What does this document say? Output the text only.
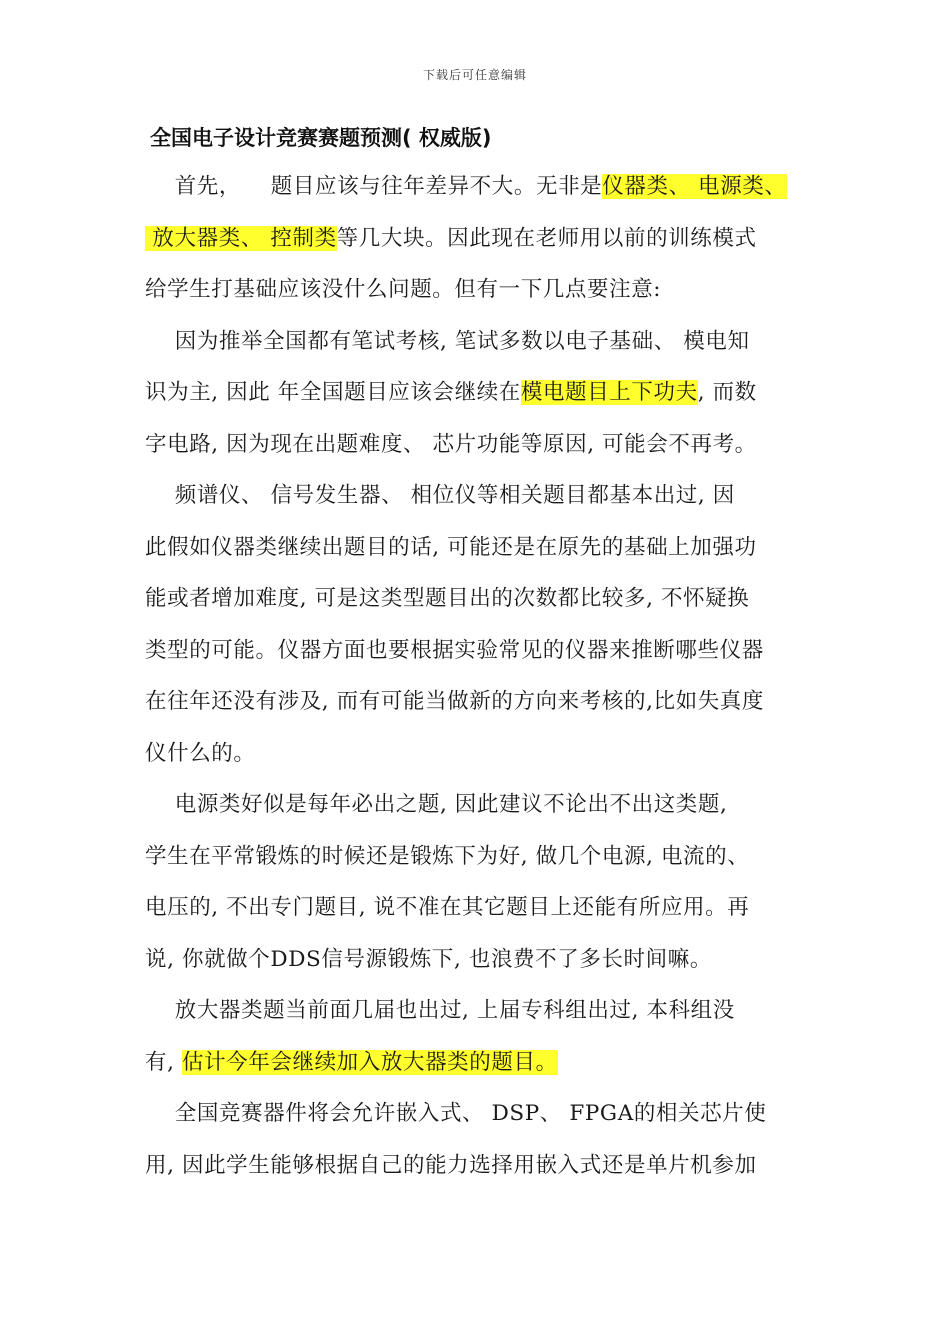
下载后可任意编辑
全国电子设计竞赛赛题预测( 权威版)
首先，    题目应该与往年差异不大。无非是仪器类、 电源类、
放大器类、 控制类等几大块。因此现在老师用以前的训练模式
给学生打基础应该没什么问题。但有一下几点要注意:
因为推举全国都有笔试考核, 笔试多数以电子基础、 模电知
识为主, 因此 年全国题目应该会继续在模电题目上下功夫, 而数
字电路, 因为现在出题难度、 芯片功能等原因, 可能会不再考。
频谱仪、 信号发生器、 相位仪等相关题目都基本出过, 因
此假如仪器类继续出题目的话, 可能还是在原先的基础上加强功
能或者增加难度, 可是这类型题目出的次数都比较多, 不怀疑换
类型的可能。仪器方面也要根据实验常见的仪器来推断哪些仪器
在往年还没有涉及, 而有可能当做新的方向来考核的,比如失真度
仪什么的。
电源类好似是每年必出之题, 因此建议不论出不出这类题,
学生在平常锻炼的时候还是锻炼下为好, 做几个电源, 电流的、
电压的, 不出专门题目, 说不准在其它题目上还能有所应用。再
说, 你就做个DDS信号源锻炼下, 也浪费不了多长时间嘛。
放大器类题当前面几届也出过, 上届专科组出过, 本科组没
有, 估计今年会继续加入放大器类的题目。
全国竞赛器件将会允许嵌入式、 DSP、 FPGA的相关芯片使
用, 因此学生能够根据自己的能力选择用嵌入式还是单片机参加
